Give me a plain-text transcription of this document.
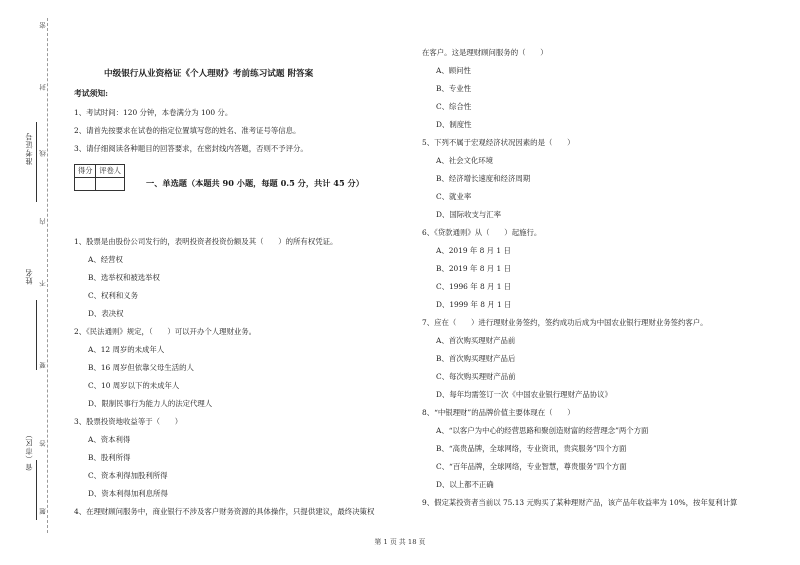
密
封
线
内
不
要
答
题
准考证号
姓名
省（市区）
中级银行从业资格证《个人理财》考前练习试题 附答案
考试须知:
1、考试时间：120 分钟，本卷满分为 100 分。
2、请首先按要求在试卷的指定位置填写您的姓名、准考证号等信息。
3、请仔细阅读各种题目的回答要求，在密封线内答题，否则不予评分。
得分	评卷人

一、单选题（本题共 90 小题，每题 0.5 分，共计 45 分）
1、股票是由股份公司发行的，表明投资者投资份额及其（　　）的所有权凭证。
A、经营权
B、选举权和被选举权
C、权利和义务
D、表决权
2、《民法通则》规定，（　　）可以开办个人理财业务。
A、12 周岁的未成年人
B、16 周岁但依靠父母生活的人
C、10 周岁以下的未成年人
D、限制民事行为能力人的法定代理人
3、股票投资地收益等于（　　）
A、资本利得
B、股利所得
C、资本利得加股利所得
D、资本利得加利息所得
4、在理财顾问服务中，商业银行不涉及客户财务资源的具体操作，只提供建议，最终决策权
在客户。这是理财顾问服务的（　　）
A、顾问性
B、专业性
C、综合性
D、制度性
5、下列不属于宏观经济状况因素的是（　　）
A、社会文化环境
B、经济增长速度和经济周期
C、就业率
D、国际收支与汇率
6、《贷款通则》从（　　）起施行。
A、2019 年 8 月 1 日
B、2019 年 8 月 1 日
C、1996 年 8 月 1 日
D、1999 年 8 月 1 日
7、应在（　　）进行理财业务签约，签约成功后成为中国农业银行理财业务签约客户。
A、首次购买理财产品前
B、首次购买理财产品后
C、每次购买理财产品前
D、每年均需签订一次《中国农业银行理财产品协议》
8、“中银理财”的品牌价值主要体现在（　　）
A、“以客户为中心的经营思路和聚创造财富的经营理念”两个方面
B、“高贵品牌，全球网络，专业资讯，贵宾服务”四个方面
C、“百年品牌，全球网络，专业智慧，尊贵服务”四个方面
D、以上都不正确
9、假定某投资者当前以 75.13 元购买了某种理财产品，该产品年收益率为 10%，按年复利计算
第 1 页 共 18 页
